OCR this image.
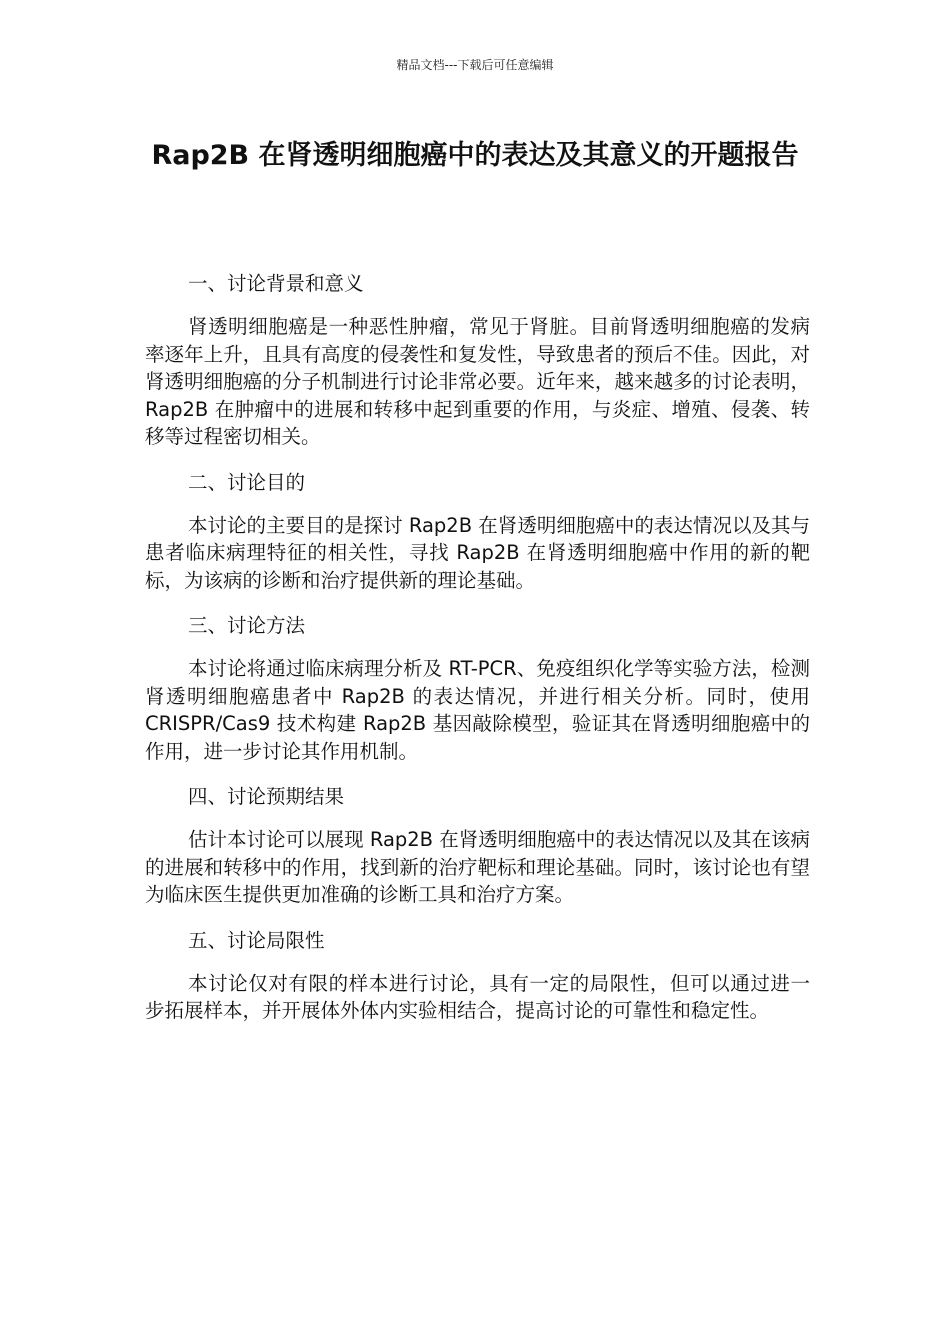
精品文档---下载后可任意编辑
Rap2B 在肾透明细胞癌中的表达及其意义的开题报告

一、讨论背景和意义

肾透明细胞癌是一种恶性肿瘤，常见于肾脏。目前肾透明细胞癌的发病率逐年上升，且具有高度的侵袭性和复发性，导致患者的预后不佳。因此，对肾透明细胞癌的分子机制进行讨论非常必要。近年来，越来越多的讨论表明，Rap2B 在肿瘤中的进展和转移中起到重要的作用，与炎症、增殖、侵袭、转移等过程密切相关。

二、讨论目的

本讨论的主要目的是探讨 Rap2B 在肾透明细胞癌中的表达情况以及其与患者临床病理特征的相关性，寻找 Rap2B 在肾透明细胞癌中作用的新的靶标，为该病的诊断和治疗提供新的理论基础。

三、讨论方法

本讨论将通过临床病理分析及 RT-PCR、免疫组织化学等实验方法，检测肾透明细胞癌患者中 Rap2B 的表达情况，并进行相关分析。同时，使用 CRISPR/Cas9 技术构建 Rap2B 基因敲除模型，验证其在肾透明细胞癌中的作用，进一步讨论其作用机制。

四、讨论预期结果

估计本讨论可以展现 Rap2B 在肾透明细胞癌中的表达情况以及其在该病的进展和转移中的作用，找到新的治疗靶标和理论基础。同时，该讨论也有望为临床医生提供更加准确的诊断工具和治疗方案。

五、讨论局限性

本讨论仅对有限的样本进行讨论，具有一定的局限性，但可以通过进一步拓展样本，并开展体外体内实验相结合，提高讨论的可靠性和稳定性。
